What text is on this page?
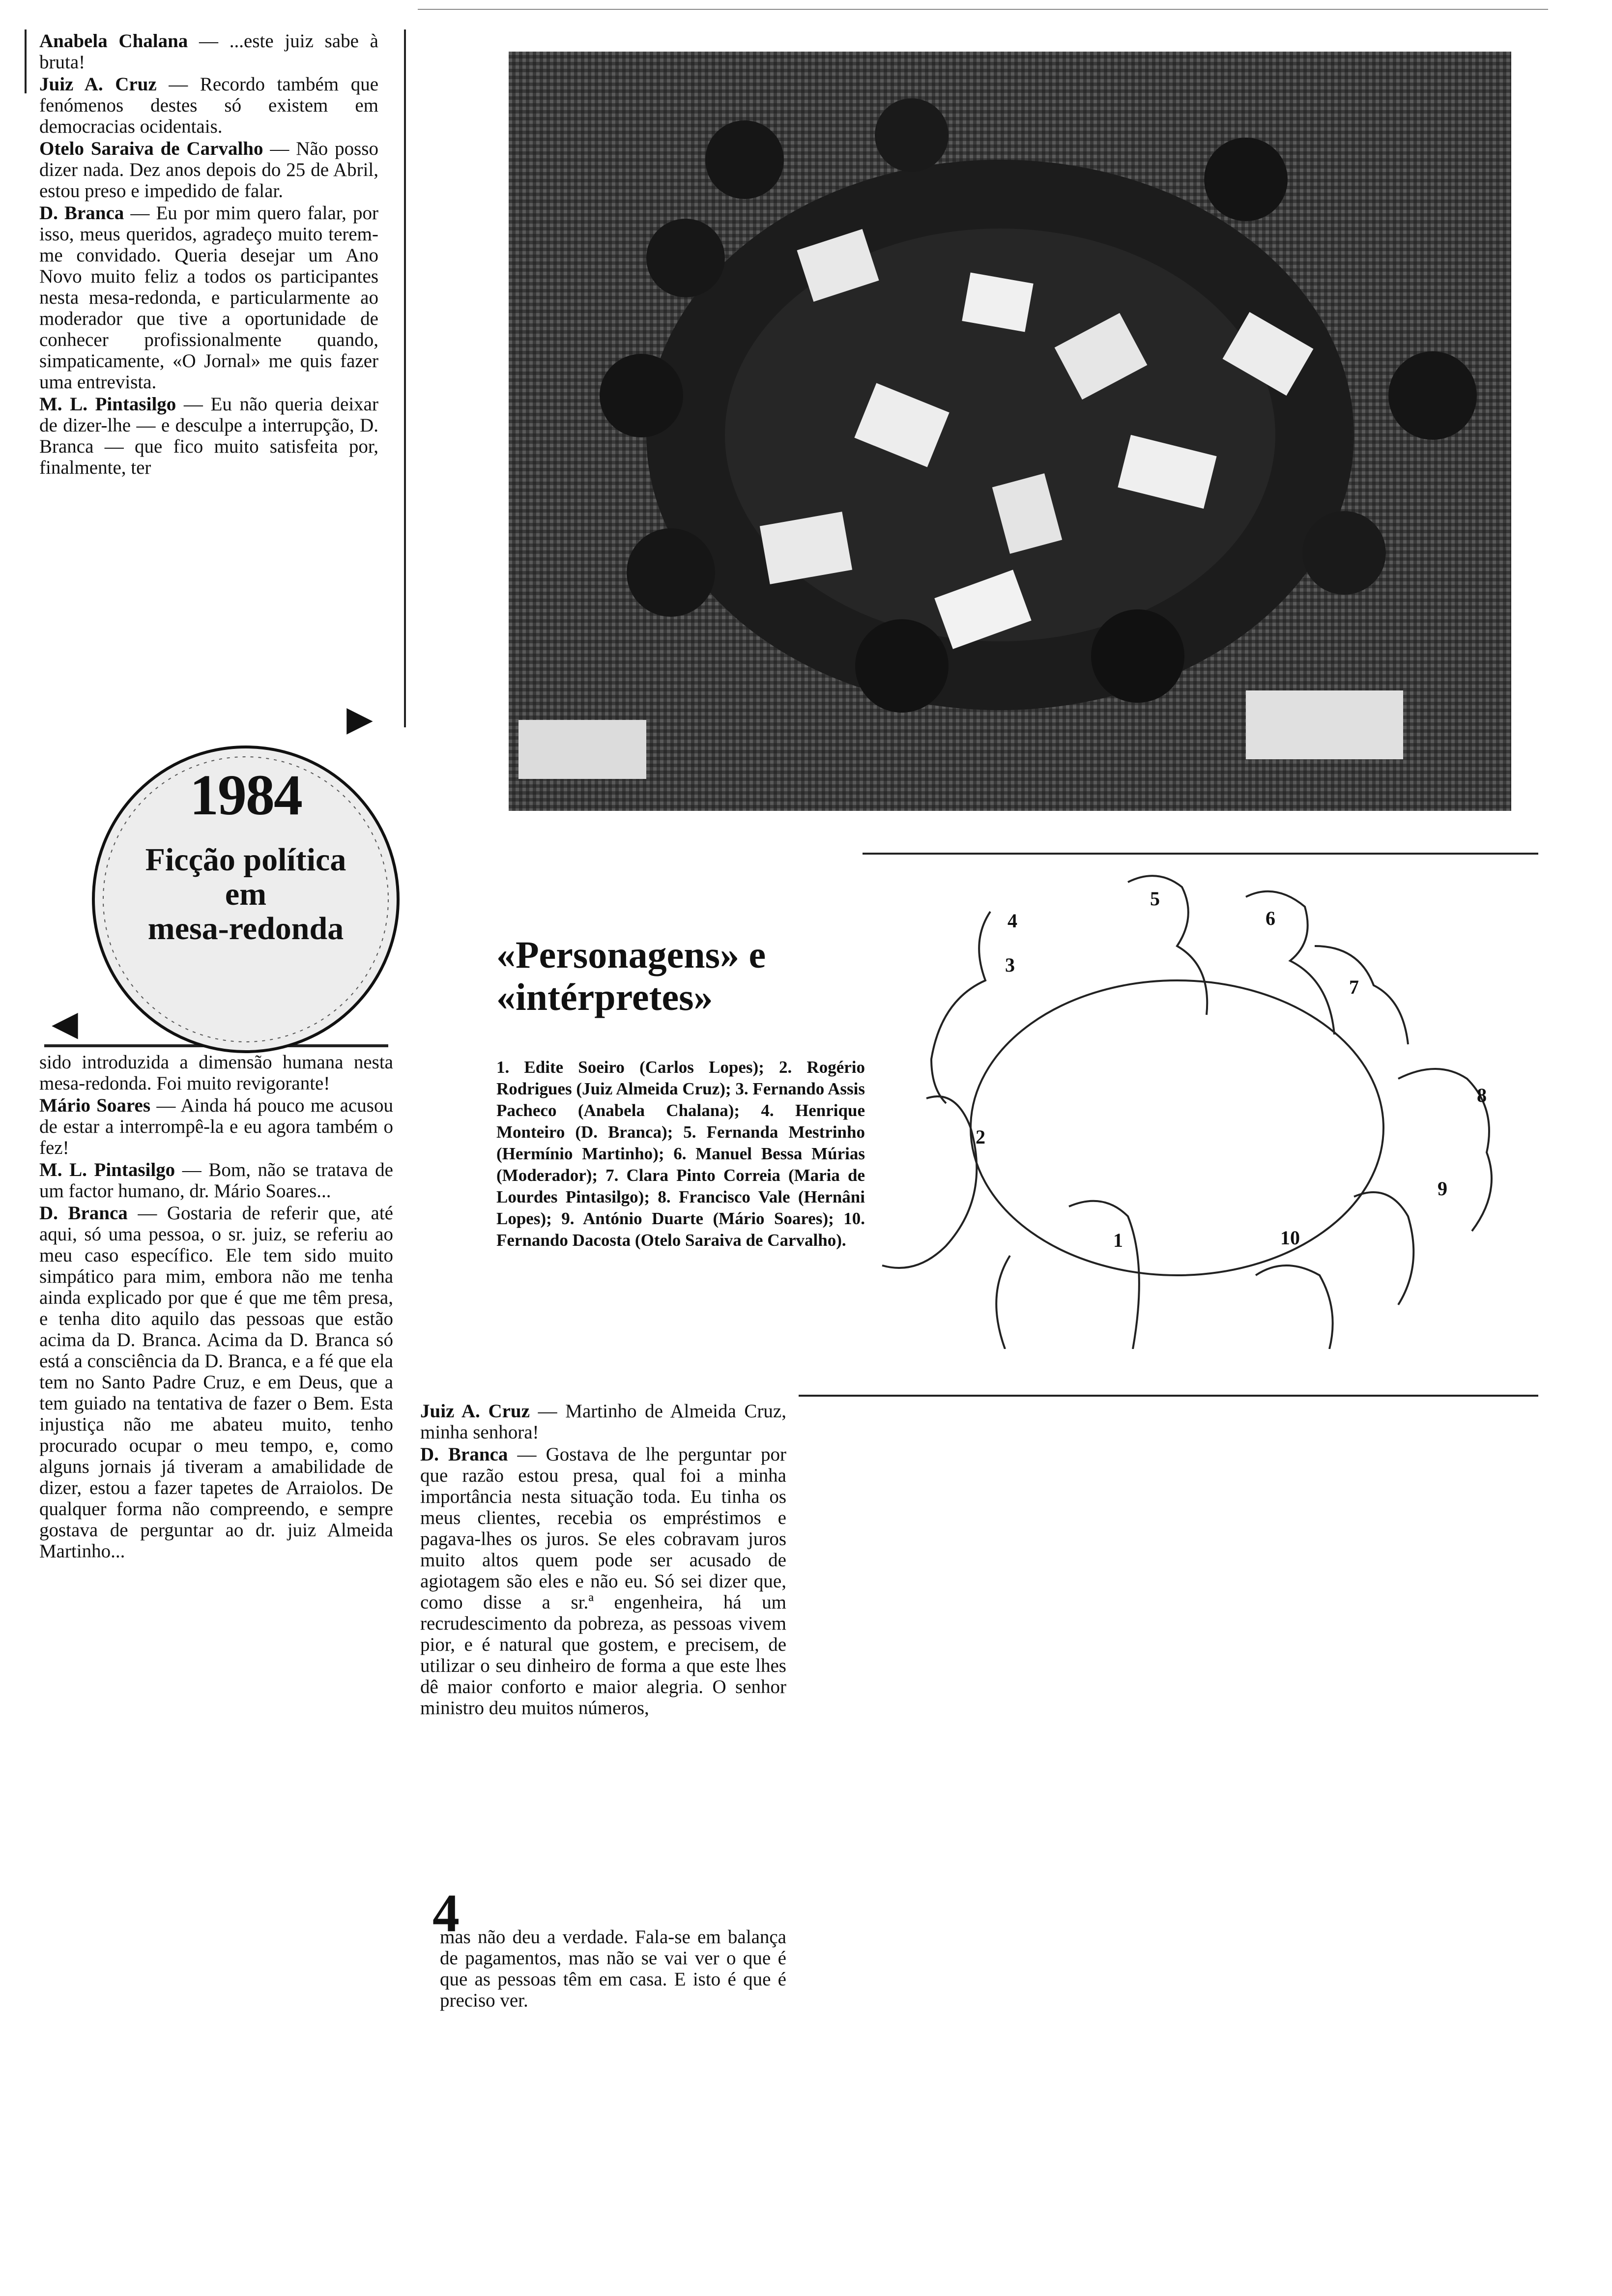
Anabela Chalana — ...este juiz sabe à bruta!

Juiz A. Cruz — Recordo também que fenómenos destes só existem em democracias ocidentais.

Otelo Saraiva de Carvalho — Não posso dizer nada. Dez anos depois do 25 de Abril, estou preso e impedido de falar.

D. Branca — Eu por mim quero falar, por isso, meus queridos, agradeço muito terem-me convidado. Queria desejar um Ano Novo muito feliz a todos os participantes nesta mesa-redonda, e particularmente ao moderador que tive a oportunidade de conhecer profissionalmente quando, simpaticamente, «O Jornal» me quis fazer uma entrevista.

M. L. Pintasilgo — Eu não queria deixar de dizer-lhe — e desculpe a interrupção, D. Branca — que fico muito satisfeita por, finalmente, ter

▶
1984
Ficção política
em
mesa-redonda
◀

sido introduzida a dimensão humana nesta mesa-redonda. Foi muito revigorante!

Mário Soares — Ainda há pouco me acusou de estar a interrompê-la e eu agora também o fez!

M. L. Pintasilgo — Bom, não se tratava de um factor humano, dr. Mário Soares...

D. Branca — Gostaria de referir que, até aqui, só uma pessoa, o sr. juiz, se referiu ao meu caso específico. Ele tem sido muito simpático para mim, embora não me tenha ainda explicado por que é que me têm presa, e tenha dito aquilo das pessoas que estão acima da D. Branca. Acima da D. Branca só está a consciência da D. Branca, e a fé que ela tem no Santo Padre Cruz, e em Deus, que a tem guiado na tentativa de fazer o Bem. Esta injustiça não me abateu muito, tenho procurado ocupar o meu tempo, e, como alguns jornais já tiveram a amabilidade de dizer, estou a fazer tapetes de Arraiolos. De qualquer forma não compreendo, e sempre gostava de perguntar ao dr. juiz Almeida Martinho...

«Personagens» e «intérpretes»
1. Edite Soeiro (Carlos Lopes); 2. Rogério Rodrigues (Juiz Almeida Cruz); 3. Fernando Assis Pacheco (Anabela Chalana); 4. Henrique Monteiro (D. Branca); 5. Fernanda Mestrinho (Hermínio Martinho); 6. Manuel Bessa Múrias (Moderador); 7. Clara Pinto Correia (Maria de Lourdes Pintasilgo); 8. Francisco Vale (Hernâni Lopes); 9. António Duarte (Mário Soares); 10. Fernando Dacosta (Otelo Saraiva de Carvalho).	1
2
3
4
5
6
7
8
9
10

Juiz A. Cruz — Martinho de Almeida Cruz, minha senhora!

D. Branca — Gostava de lhe perguntar por que razão estou presa, qual foi a minha importância nesta situação toda. Eu tinha os meus clientes, recebia os empréstimos e pagava-lhes os juros. Se eles cobravam juros muito altos quem pode ser acusado de agiotagem são eles e não eu. Só sei dizer que, como disse a sr.ª engenheira, há um recrudescimento da pobreza, as pessoas vivem pior, e é natural que gostem, e precisem, de utilizar o seu dinheiro de forma a que este lhes dê maior conforto e maior alegria. O senhor ministro deu muitos números,

4

mas não deu a verdade. Fala-se em balança de pagamentos, mas não se vai ver o que é que as pessoas têm em casa. E isto é que é preciso ver.
